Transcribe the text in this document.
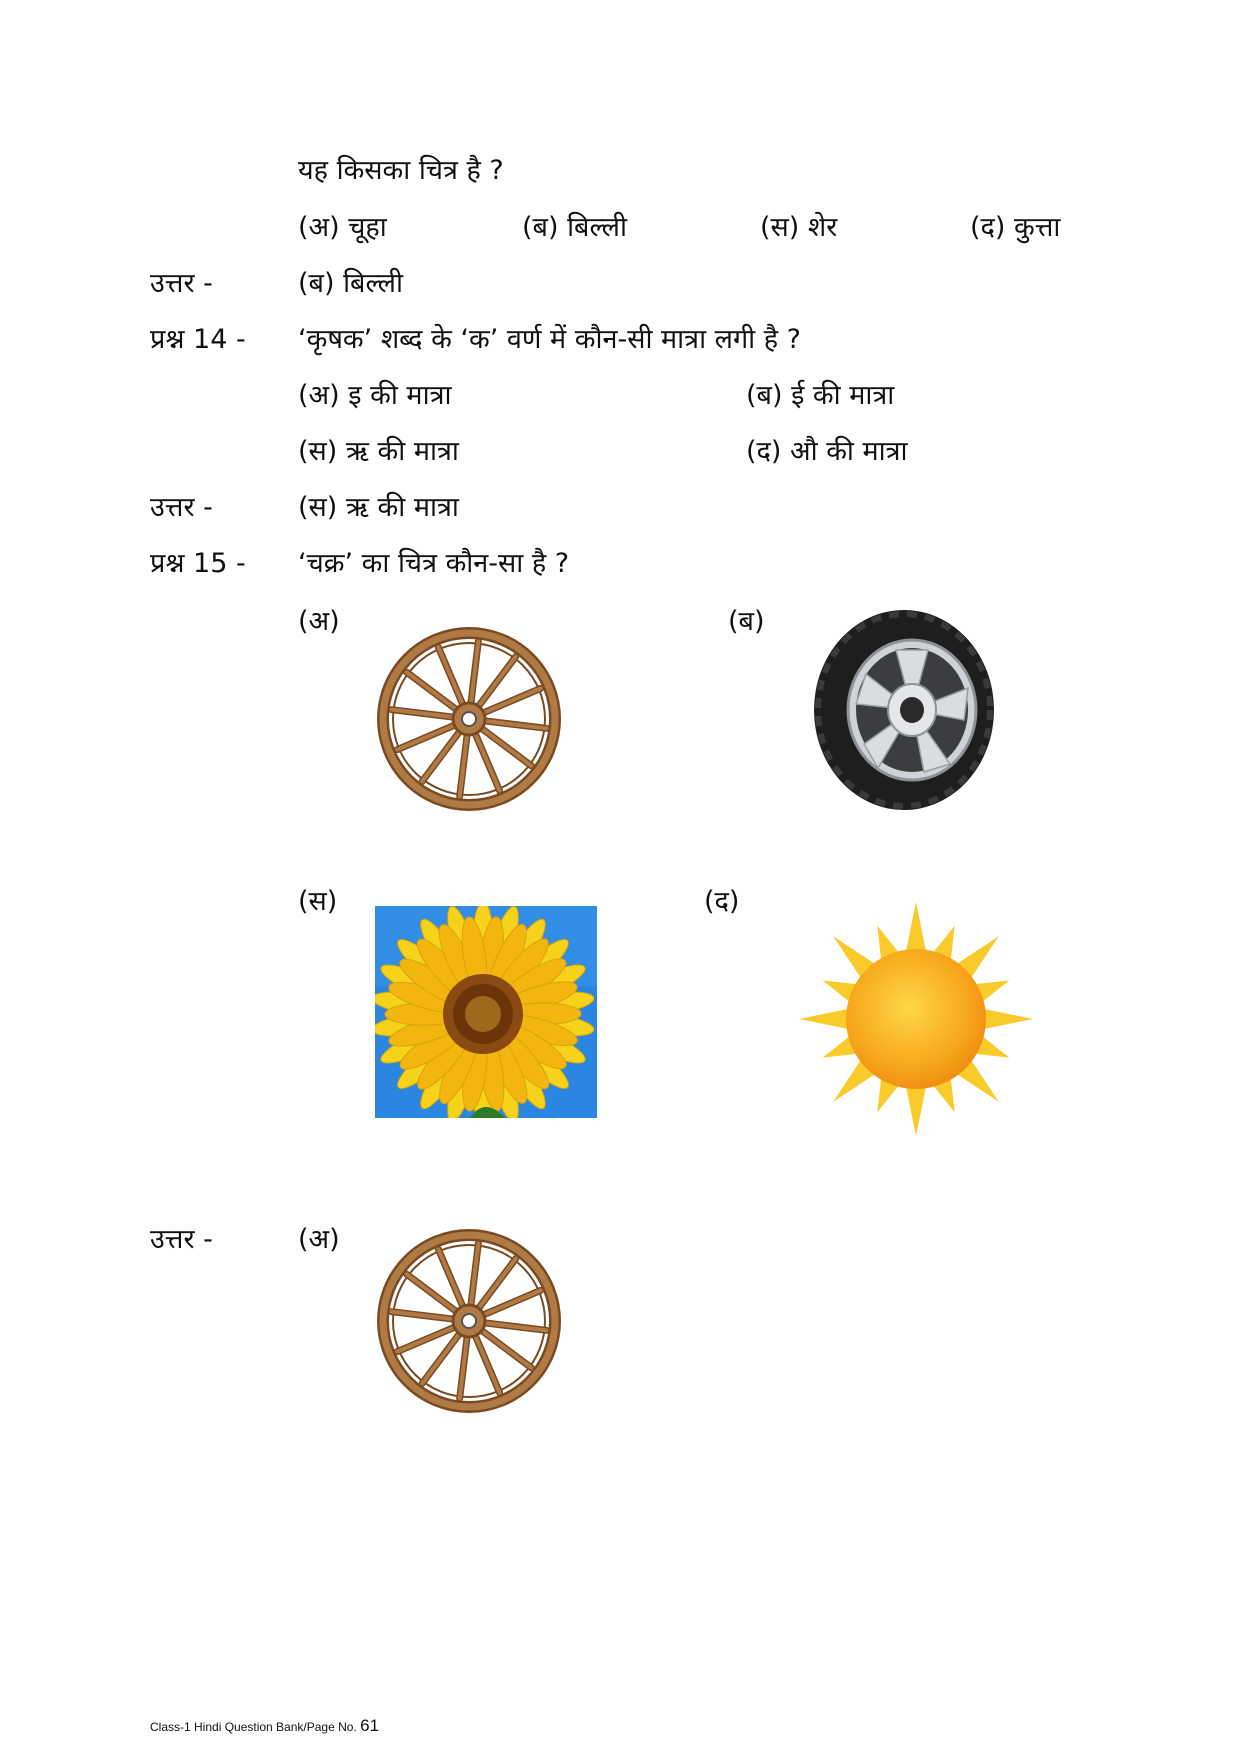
यह किसका चित्र है ?
(अ) चूहा	(ब) बिल्ली	(स) शेर	(द) कुत्ता
उत्तर -	(ब) बिल्ली
प्रश्न 14 - ‘कृषक’ शब्द के ‘क’ वर्ण में कौन-सी मात्रा लगी है ?
(अ) इ की मात्रा	(ब) ई की मात्रा
(स) ऋ की मात्रा	(द) औ की मात्रा
उत्तर -	(स) ऋ की मात्रा
प्रश्न 15 - ‘चक्र’ का चित्र कौन-सा है ?
(अ)	(ब)
(स)	(द)
उत्तर -	(अ)
Class-1 Hindi Question Bank/Page No. 61
